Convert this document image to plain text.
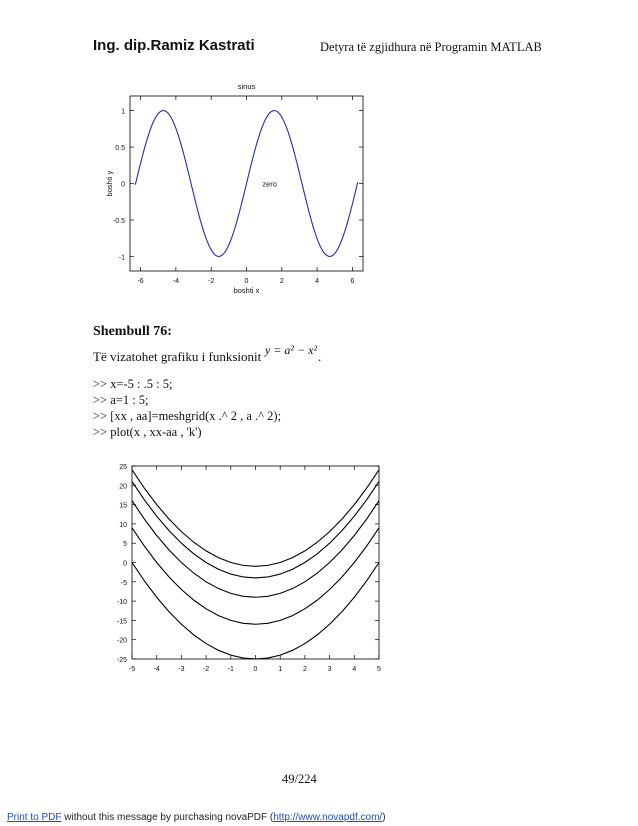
Ing. dip.Ramiz Kastrati	Detyra të zgjidhura në Programin MATLAB
-6	-4	-2	0	2	4	6
-1
-0.5
0
0.5
1
sinus
boshti x
boshti y	zero
Shembull 76:
Të vizatohet grafiku i funksionit y = a² − x² .
>> x=-5 : .5 : 5;
>> a=1 : 5;
>> [xx , aa]=meshgrid(x .^ 2 , a .^ 2);
>> plot(x , xx-aa , 'k')
-5	-4	-3	-2	-1	0	1	2	3	4	5
-25
-20
-15
-10
-5
0
5
10
15
20
25
49/224
Print to PDF without this message by purchasing novaPDF (http://www.novapdf.com/)
